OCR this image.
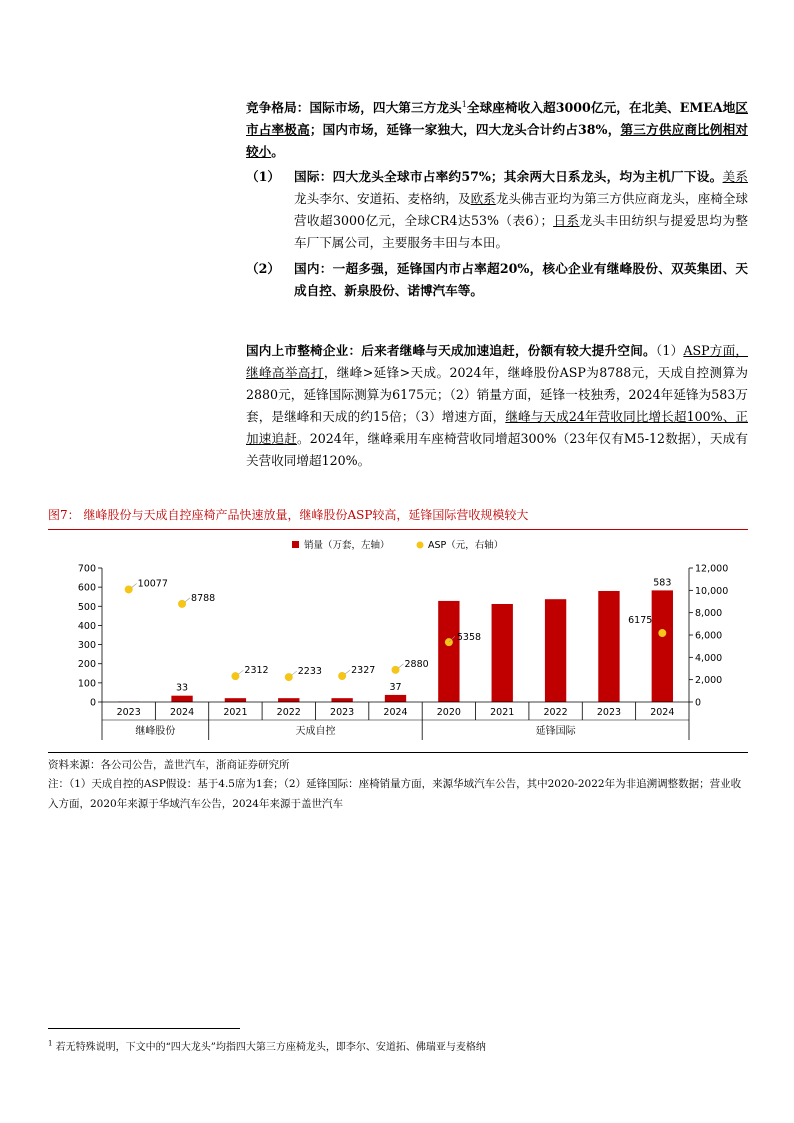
竞争格局：国际市场，四大第三方龙头$^1$全球座椅收入超3000亿元，在北美、EMEA地区市占率极高；国内市场，延锋一家独大，四大龙头合计约占38%，第三方供应商比例相对较小。
（1）	国际：四大龙头全球市占率约57%；其余两大日系龙头，均为主机厂下设。美系龙头李尔、安道拓、麦格纳，及欧系龙头佛吉亚均为第三方供应商龙头，座椅全球营收超3000亿元，全球CR4达53%（表6）；日系龙头丰田纺织与提爱思均为整车厂下属公司，主要服务丰田与本田。
（2）	国内：一超多强，延锋国内市占率超20%，核心企业有继峰股份、双英集团、天成自控、新泉股份、诺博汽车等。
国内上市整椅企业：后来者继峰与天成加速追赶，份额有较大提升空间。（1）ASP方面，继峰高举高打，继峰>延锋>天成。2024年，继峰股份ASP为8788元，天成自控测算为2880元，延锋国际测算为6175元；（2）销量方面，延锋一枝独秀，2024年延锋为583万套，是继峰和天成的约15倍；（3）增速方面，继峰与天成24年营收同比增长超100%、正加速追赶。2024年，继峰乘用车座椅营收同增超300%（23年仅有M5-12数据），天成有关营收同增超120%。
图7： 继峰股份与天成自控座椅产品快速放量，继峰股份ASP较高，延锋国际营收规模较大
销量（万套，左轴）	ASP（元，右轴）
0
100
200
300
400
500
600
700
0
2,000
4,000
6,000
8,000
10,000
12,000
33	37
583
10077
8788
2312	2233	2327
2880
5358
6175
2023	2024	2021	2022	2023	2024	2020	2021	2022	2023	2024
继峰股份	天成自控	延锋国际
资料来源：各公司公告，盖世汽车，浙商证券研究所
注：（1）天成自控的ASP假设：基于4.5席为1套；（2）延锋国际：座椅销量方面，来源华域汽车公告，其中2020-2022年为非追溯调整数据；营业收入方面，2020年来源于华域汽车公告，2024年来源于盖世汽车
$^1$ 若无特殊说明，下文中的“四大龙头”均指四大第三方座椅龙头，即李尔、安道拓、佛瑞亚与麦格纳
